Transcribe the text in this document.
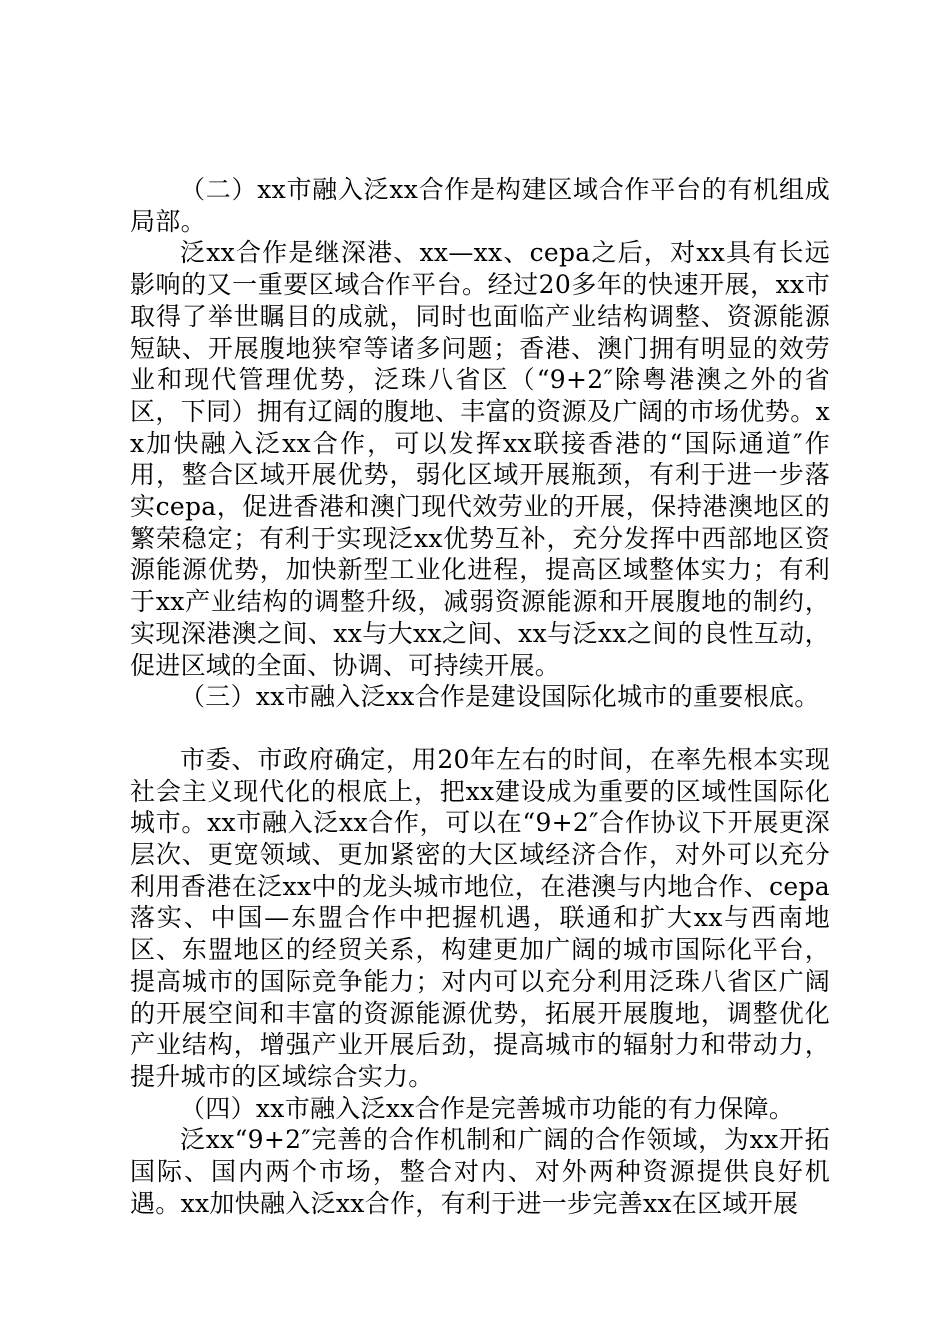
（二）xx市融入泛xx合作是构建区域合作平台的有机组成局部。

泛xx合作是继深港、xx—xx、cepa之后，对xx具有长远影响的又一重要区域合作平台。经过20多年的快速开展，xx市取得了举世瞩目的成就，同时也面临产业结构调整、资源能源短缺、开展腹地狭窄等诸多问题；香港、澳门拥有明显的效劳业和现代管理优势，泛珠八省区（“9+2″除粤港澳之外的省区，下同）拥有辽阔的腹地、丰富的资源及广阔的市场优势。xx加快融入泛xx合作，可以发挥xx联接香港的“国际通道″作用，整合区域开展优势，弱化区域开展瓶颈，有利于进一步落实cepa，促进香港和澳门现代效劳业的开展，保持港澳地区的繁荣稳定；有利于实现泛xx优势互补，充分发挥中西部地区资源能源优势，加快新型工业化进程，提高区域整体实力；有利于xx产业结构的调整升级，减弱资源能源和开展腹地的制约，实现深港澳之间、xx与大xx之间、xx与泛xx之间的良性互动，促进区域的全面、协调、可持续开展。

（三）xx市融入泛xx合作是建设国际化城市的重要根底。

市委、市政府确定，用20年左右的时间，在率先根本实现社会主义现代化的根底上，把xx建设成为重要的区域性国际化城市。xx市融入泛xx合作，可以在“9+2″合作协议下开展更深层次、更宽领域、更加紧密的大区域经济合作，对外可以充分利用香港在泛xx中的龙头城市地位，在港澳与内地合作、cepa落实、中国—东盟合作中把握机遇，联通和扩大xx与西南地区、东盟地区的经贸关系，构建更加广阔的城市国际化平台，提高城市的国际竞争能力；对内可以充分利用泛珠八省区广阔的开展空间和丰富的资源能源优势，拓展开展腹地，调整优化产业结构，增强产业开展后劲，提高城市的辐射力和带动力，提升城市的区域综合实力。

（四）xx市融入泛xx合作是完善城市功能的有力保障。

泛xx“9+2″完善的合作机制和广阔的合作领域，为xx开拓国际、国内两个市场，整合对内、对外两种资源提供良好机遇。xx加快融入泛xx合作，有利于进一步完善xx在区域开展
